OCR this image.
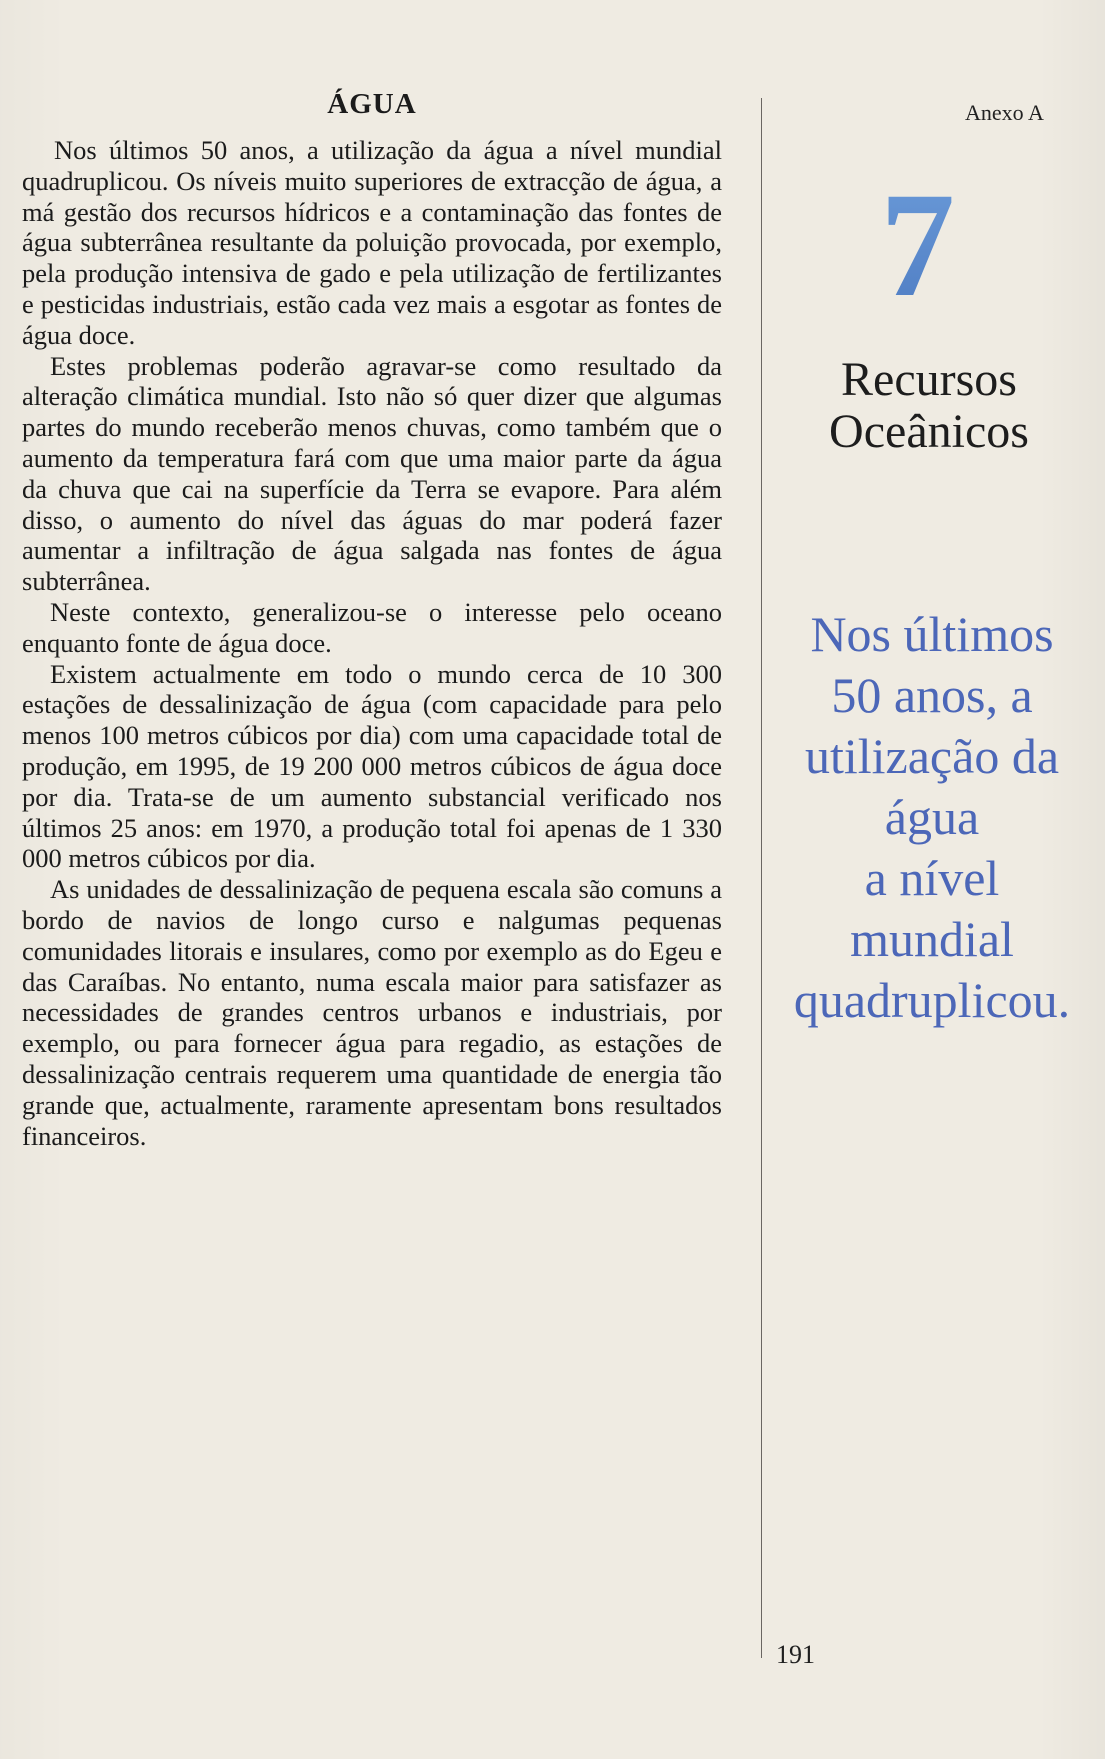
Anexo A
ÁGUA

Nos últimos 50 anos, a utilização da água a nível mundial quadruplicou. Os níveis muito superiores de extracção de água, a má gestão dos recursos hídricos e a contaminação das fontes de água subterrânea resultante da poluição provocada, por exemplo, pela produção intensiva de gado e pela utilização de fertilizantes e pesticidas industriais, estão cada vez mais a esgotar as fontes de água doce.

Estes problemas poderão agravar-se como resultado da alteração climática mundial. Isto não só quer dizer que algumas partes do mundo receberão menos chuvas, como também que o aumento da temperatura fará com que uma maior parte da água da chuva que cai na superfície da Terra se evapore. Para além disso, o aumento do nível das águas do mar poderá fazer aumentar a infiltração de água salgada nas fontes de água subterrânea.

Neste contexto, generalizou-se o interesse pelo oceano enquanto fonte de água doce.

Existem actualmente em todo o mundo cerca de 10 300 estações de dessalinização de água (com capacidade para pelo menos 100 metros cúbicos por dia) com uma capacidade total de produção, em 1995, de 19 200 000 metros cúbicos de água doce por dia. Trata-se de um aumento substancial verificado nos últimos 25 anos: em 1970, a produção total foi apenas de 1 330 000 metros cúbicos por dia.

As unidades de dessalinização de pequena escala são comuns a bordo de navios de longo curso e nalgumas pequenas comunidades litorais e insulares, como por exemplo as do Egeu e das Caraíbas. No entanto, numa escala maior para satisfazer as necessidades de grandes centros urbanos e industriais, por exemplo, ou para fornecer água para regadio, as estações de dessalinização centrais requerem uma quantidade de energia tão grande que, actualmente, raramente apresentam bons resultados financeiros.

7
Recursos
Oceânicos
Nos últimos
50 anos, a
utilização da
água
a nível
mundial
quadruplicou.
191
